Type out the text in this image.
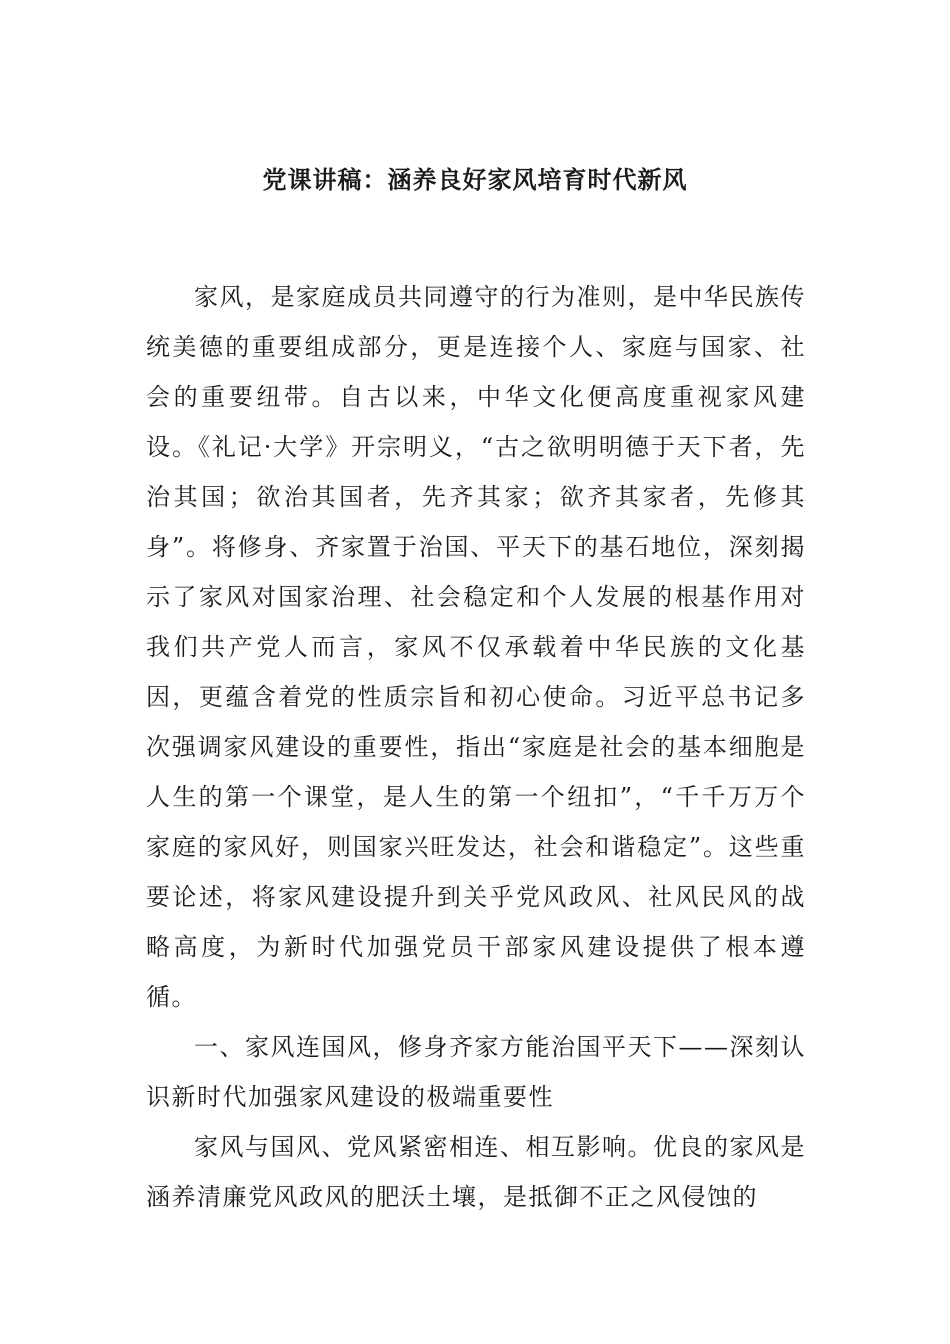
党课讲稿：涵养良好家风培育时代新风

家风，是家庭成员共同遵守的行为准则，是中华民族传统美德的重要组成部分，更是连接个人、家庭与国家、社会的重要纽带。自古以来，中华文化便高度重视家风建设。《礼记·大学》开宗明义，“古之欲明明德于天下者，先治其国；欲治其国者，先齐其家；欲齐其家者，先修其身”。将修身、齐家置于治国、平天下的基石地位，深刻揭示了家风对国家治理、社会稳定和个人发展的根基作用对我们共产党人而言，家风不仅承载着中华民族的文化基因，更蕴含着党的性质宗旨和初心使命。习近平总书记多次强调家风建设的重要性，指出“家庭是社会的基本细胞是人生的第一个课堂，是人生的第一个纽扣”，“千千万万个家庭的家风好，则国家兴旺发达，社会和谐稳定”。这些重要论述，将家风建设提升到关乎党风政风、社风民风的战略高度，为新时代加强党员干部家风建设提供了根本遵循。

一、家风连国风，修身齐家方能治国平天下——深刻认识新时代加强家风建设的极端重要性

家风与国风、党风紧密相连、相互影响。优良的家风是涵养清廉党风政风的肥沃土壤，是抵御不正之风侵蚀的
